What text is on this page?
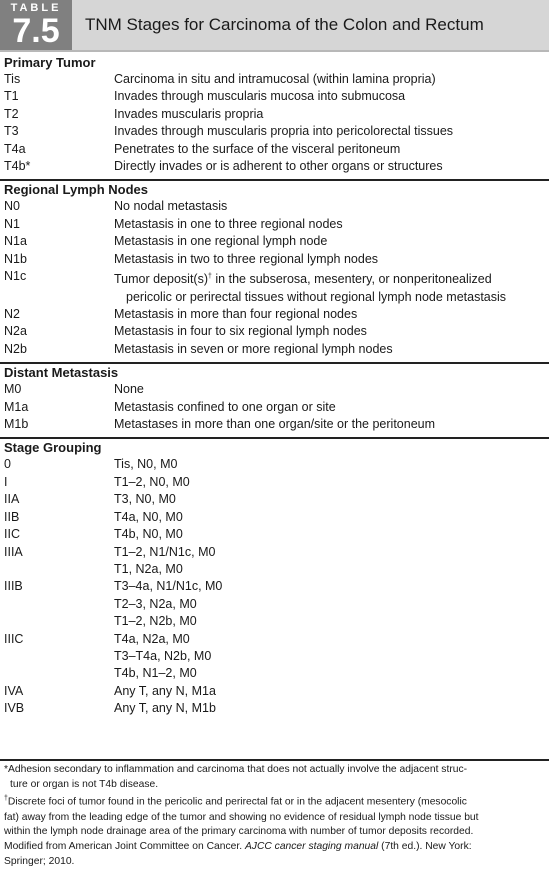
TABLE
7.5	TNM Stages for Carcinoma of the Colon and Rectum
Primary Tumor
Tis	Carcinoma in situ and intramucosal (within lamina propria)
T1	Invades through muscularis mucosa into submucosa
T2	Invades muscularis propria
T3	Invades through muscularis propria into pericolorectal tissues
T4a	Penetrates to the surface of the visceral peritoneum
T4b*	Directly invades or is adherent to other organs or structures
Regional Lymph Nodes
N0	No nodal metastasis
N1	Metastasis in one to three regional nodes
N1a	Metastasis in one regional lymph node
N1b	Metastasis in two to three regional lymph nodes
N1c	Tumor deposit(s)† in the subserosa, mesentery, or nonperitonealized
pericolic or perirectal tissues without regional lymph node metastasis
N2	Metastasis in more than four regional nodes
N2a	Metastasis in four to six regional lymph nodes
N2b	Metastasis in seven or more regional lymph nodes
Distant Metastasis
M0	None
M1a	Metastasis confined to one organ or site
M1b	Metastases in more than one organ/site or the peritoneum
Stage Grouping
0	Tis, N0, M0
I	T1–2, N0, M0
IIA	T3, N0, M0
IIB	T4a, N0, M0
IIC	T4b, N0, M0
IIIA	T1–2, N1/N1c, M0
T1, N2a, M0
IIIB	T3–4a, N1/N1c, M0
T2–3, N2a, M0
T1–2, N2b, M0
IIIC	T4a, N2a, M0
T3–T4a, N2b, M0
T4b, N1–2, M0
IVA	Any T, any N, M1a
IVB	Any T, any N, M1b

*Adhesion secondary to inflammation and carcinoma that does not actually involve the adjacent struc-
ture or organ is not T4b disease.

†Discrete foci of tumor found in the pericolic and perirectal fat or in the adjacent mesentery (mesocolic
fat) away from the leading edge of the tumor and showing no evidence of residual lymph node tissue but
within the lymph node drainage area of the primary carcinoma with number of tumor deposits recorded.

Modified from American Joint Committee on Cancer. AJCC cancer staging manual (7th ed.). New York:
Springer; 2010.
